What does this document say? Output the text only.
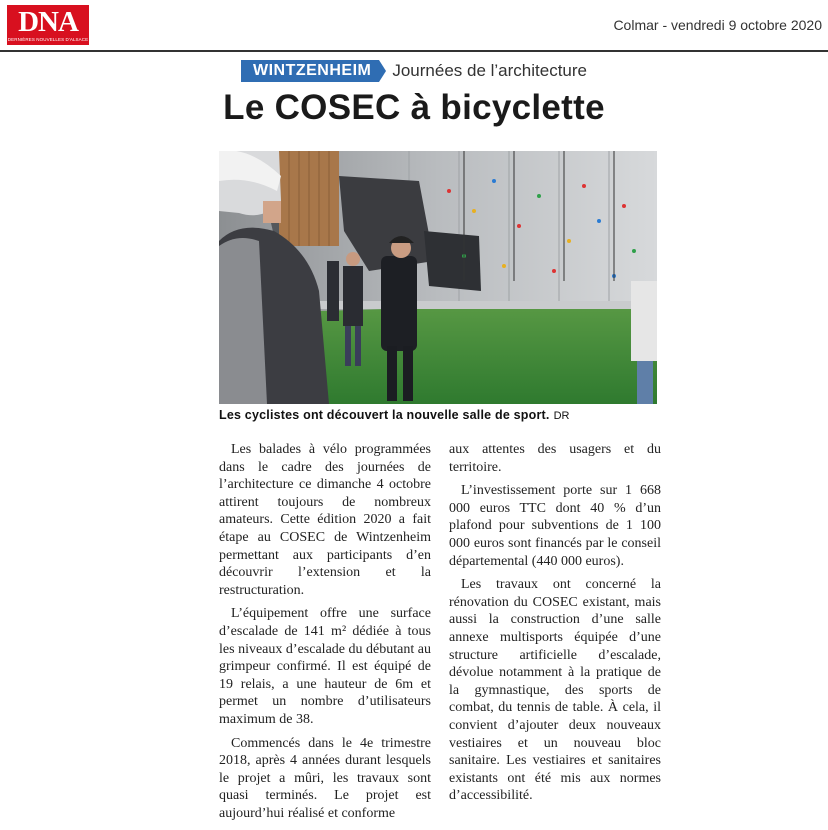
DNA
DERNIÈRES NOUVELLES D'ALSACE
Colmar - vendredi 9 octobre 2020
WINTZENHEIM	Journées de l’architecture
Le COSEC à bicyclette
Les cyclistes ont découvert la nouvelle salle de sport. DR

Les balades à vélo programmées dans le cadre des journées de l’architecture ce dimanche 4 octobre attirent toujours de nombreux amateurs. Cette édition 2020 a fait étape au COSEC de Wintzenheim permettant aux participants d’en découvrir l’extension et la restructuration.

L’équipement offre une surface d’escalade de 141 m² dédiée à tous les niveaux d’escalade du débutant au grimpeur confirmé. Il est équipé de 19 relais, a une hauteur de 6m et permet un nombre d’utilisateurs maximum de 38.

Commencés dans le 4e trimestre 2018, après 4 années durant lesquels le projet a mûri, les travaux sont quasi terminés. Le projet est aujourd’hui réalisé et conforme

aux attentes des usagers et du territoire.

L’investissement porte sur 1 668 000 euros TTC dont 40 % d’un plafond pour subventions de 1 100 000 euros sont financés par le conseil départemental (440 000 euros).

Les travaux ont concerné la rénovation du COSEC existant, mais aussi la construction d’une salle annexe multisports équipée d’une structure artificielle d’escalade, dévolue notamment à la pratique de la gymnastique, des sports de combat, du tennis de table. À cela, il convient d’ajouter deux nouveaux vestiaires et un nouveau bloc sanitaire. Les vestiaires et sanitaires existants ont été mis aux normes d’accessibilité.
